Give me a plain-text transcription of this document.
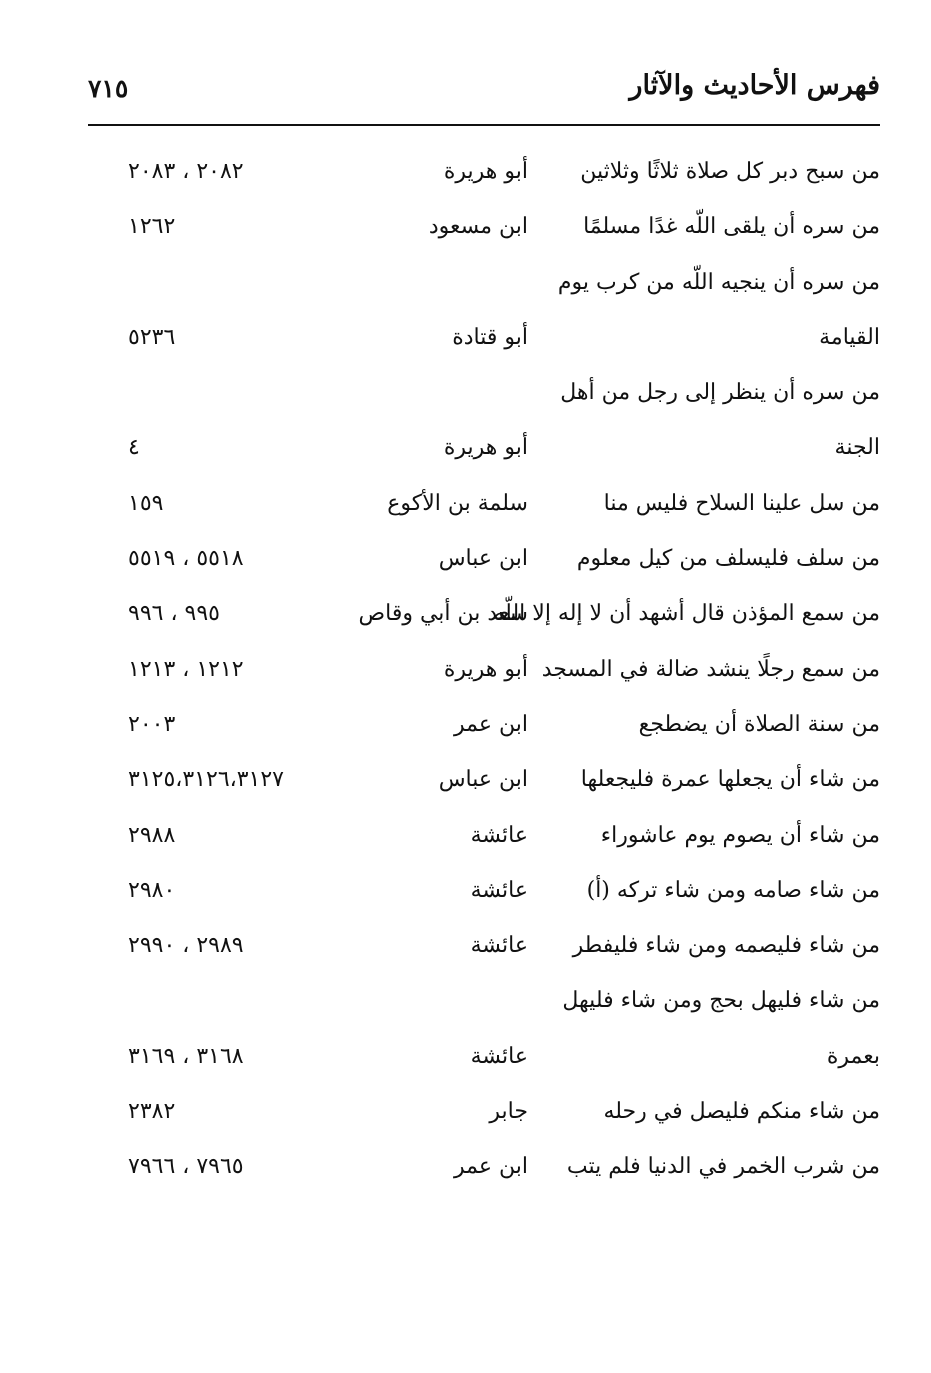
فهرس الأحاديث والآثار
٧١٥
من سبح دبر كل صلاة ثلاثًا وثلاثين
أبو هريرة
٢٠٨٢ ، ٢٠٨٣
من سره أن يلقى اللّه غدًا مسلمًا
ابن مسعود
١٢٦٢
من سره أن ينجيه اللّه من كرب يوم
القيامة
أبو قتادة
٥٢٣٦
من سره أن ينظر إلى رجل من أهل
الجنة
أبو هريرة
٤
من سل علينا السلاح فليس منا
سلمة بن الأكوع
١٥٩
من سلف فليسلف من كيل معلوم
ابن عباس
٥٥١٨ ، ٥٥١٩
من سمع المؤذن قال أشهد أن لا إله إلا اللّه
سعد بن أبي وقاص
٩٩٥ ، ٩٩٦
من سمع رجلًا ينشد ضالة في المسجد
أبو هريرة
١٢١٢ ، ١٢١٣
من سنة الصلاة أن يضطجع
ابن عمر
٢٠٠٣
من شاء أن يجعلها عمرة فليجعلها
ابن عباس
٣١٢٥،٣١٢٦،٣١٢٧
من شاء أن يصوم يوم عاشوراء
عائشة
٢٩٨٨
من شاء صامه ومن شاء تركه (أ)
عائشة
٢٩٨٠
من شاء فليصمه ومن شاء فليفطر
عائشة
٢٩٨٩ ، ٢٩٩٠
من شاء فليهل بحج ومن شاء فليهل
بعمرة
عائشة
٣١٦٨ ، ٣١٦٩
من شاء منكم فليصل في رحله
جابر
٢٣٨٢
من شرب الخمر في الدنيا فلم يتب
ابن عمر
٧٩٦٥ ، ٧٩٦٦
